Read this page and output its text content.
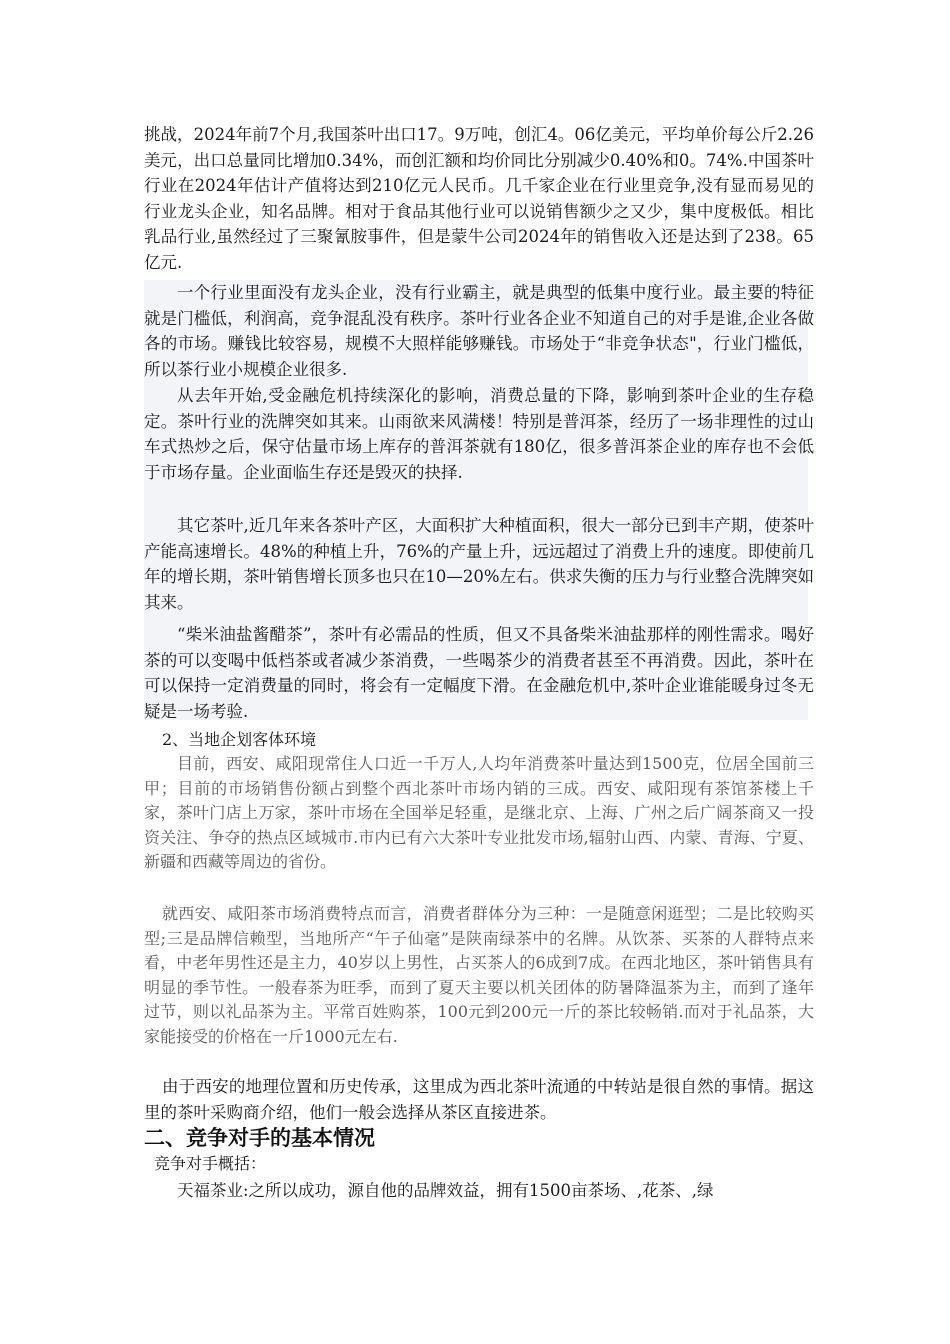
挑战，2024年前7个月,我国茶叶出口17。9万吨，创汇4。06亿美元，平均单价每公斤2.26美元，出口总量同比增加0.34%，而创汇额和均价同比分别减少0.40%和0。74%.中国茶叶行业在2024年估计产值将达到210亿元人民币。几千家企业在行业里竞争,没有显而易见的行业龙头企业，知名品牌。相对于食品其他行业可以说销售额少之又少，集中度极低。相比乳品行业,虽然经过了三聚氰胺事件，但是蒙牛公司2024年的销售收入还是达到了238。65亿元.

一个行业里面没有龙头企业，没有行业霸主，就是典型的低集中度行业。最主要的特征就是门槛低，利润高，竞争混乱没有秩序。茶叶行业各企业不知道自己的对手是谁,企业各做各的市场。赚钱比较容易，规模不大照样能够赚钱。市场处于“非竞争状态"，行业门槛低，所以茶行业小规模企业很多.

从去年开始,受金融危机持续深化的影响，消费总量的下降，影响到茶叶企业的生存稳定。茶叶行业的洗牌突如其来。山雨欲来风满楼！特别是普洱茶，经历了一场非理性的过山车式热炒之后，保守估量市场上库存的普洱茶就有180亿，很多普洱茶企业的库存也不会低于市场存量。企业面临生存还是毁灭的抉择.

其它茶叶,近几年来各茶叶产区，大面积扩大种植面积，很大一部分已到丰产期，使茶叶产能高速增长。48%的种植上升，76%的产量上升，远远超过了消费上升的速度。即使前几年的增长期，茶叶销售增长顶多也只在10—20%左右。供求失衡的压力与行业整合洗牌突如其来。

“柴米油盐酱醋茶”，茶叶有必需品的性质，但又不具备柴米油盐那样的刚性需求。喝好茶的可以变喝中低档茶或者减少茶消费，一些喝茶少的消费者甚至不再消费。因此，茶叶在可以保持一定消费量的同时，将会有一定幅度下滑。在金融危机中,茶叶企业谁能暖身过冬无疑是一场考验.

2、当地企划客体环境

目前，西安、咸阳现常住人口近一千万人,人均年消费茶叶量达到1500克，位居全国前三甲；目前的市场销售份额占到整个西北茶叶市场内销的三成。西安、咸阳现有茶馆茶楼上千家，茶叶门店上万家，茶叶市场在全国举足轻重，是继北京、上海、广州之后广阔茶商又一投资关注、争夺的热点区域城市.市内已有六大茶叶专业批发市场,辐射山西、内蒙、青海、宁夏、新疆和西藏等周边的省份。

就西安、咸阳茶市场消费特点而言，消费者群体分为三种：一是随意闲逛型；二是比较购买型;三是品牌信赖型，当地所产“午子仙毫”是陕南绿茶中的名牌。从饮茶、买茶的人群特点来看，中老年男性还是主力，40岁以上男性，占买茶人的6成到7成。在西北地区，茶叶销售具有明显的季节性。一般春茶为旺季，而到了夏天主要以机关团体的防暑降温茶为主，而到了逢年过节，则以礼品茶为主。平常百姓购茶，100元到200元一斤的茶比较畅销.而对于礼品茶，大家能接受的价格在一斤1000元左右.

由于西安的地理位置和历史传承，这里成为西北茶叶流通的中转站是很自然的事情。据这里的茶叶采购商介绍，他们一般会选择从茶区直接进茶。

二、竞争对手的基本情况

竞争对手概括：

天福茶业:之所以成功，源自他的品牌效益，拥有1500亩茶场、,花茶、,绿
